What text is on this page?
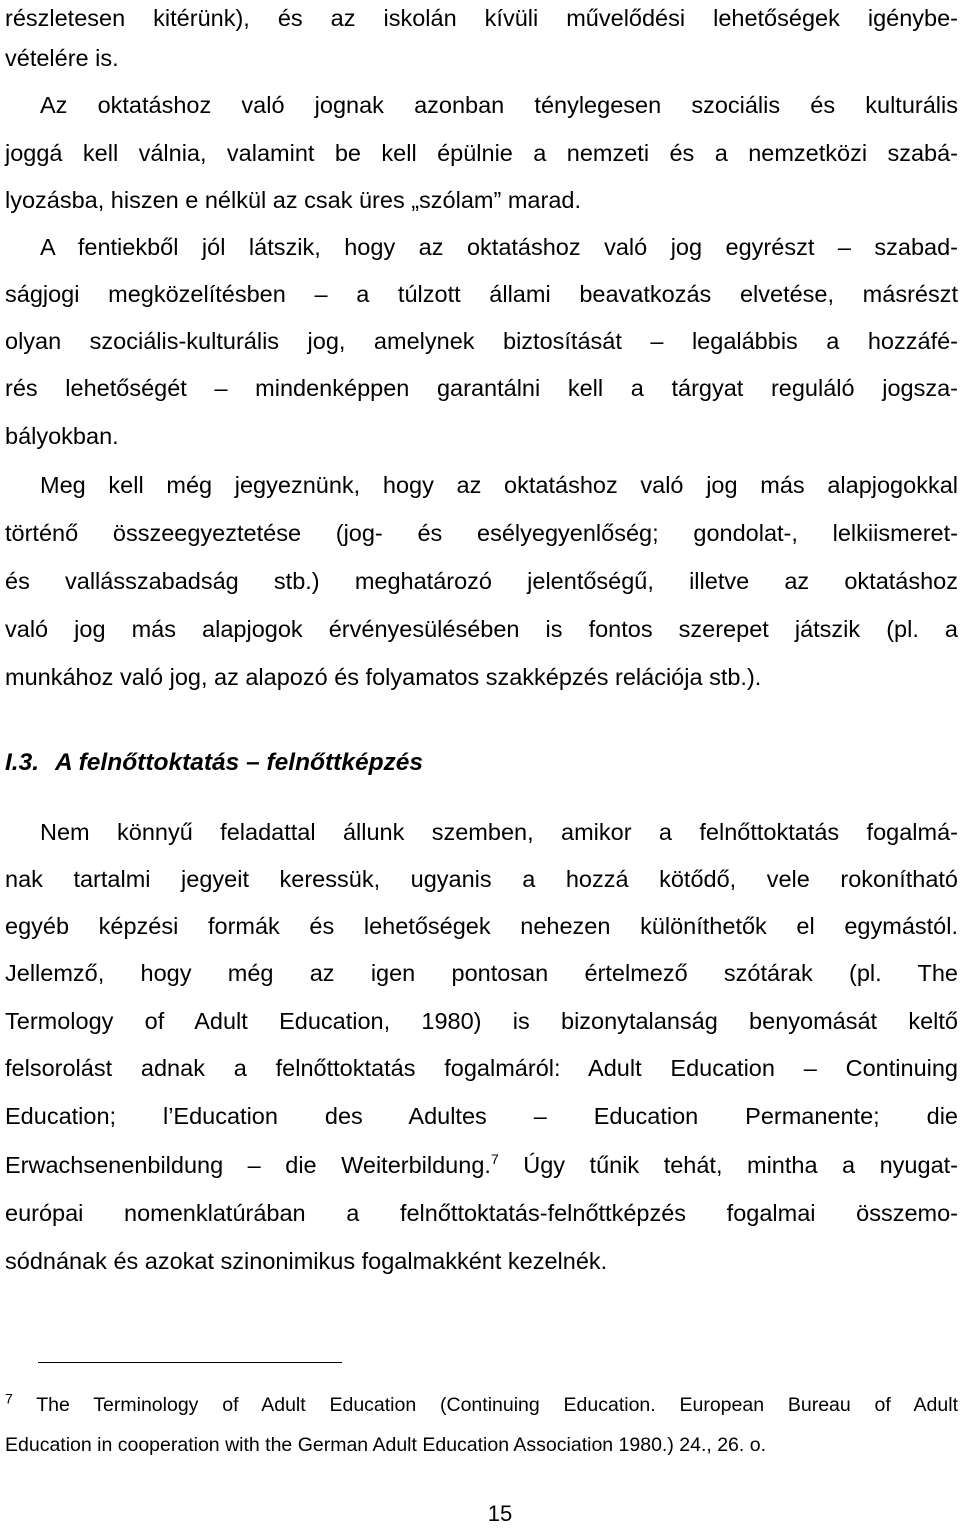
részletesen kitérünk), és az iskolán kívüli művelődési lehetőségek igénybe-
vételére is.
Az oktatáshoz való jognak azonban ténylegesen szociális és kulturális
joggá kell válnia, valamint be kell épülnie a nemzeti és a nemzetközi szabá-
lyozásba, hiszen e nélkül az csak üres „szólam” marad.
A fentiekből jól látszik, hogy az oktatáshoz való jog egyrészt – szabad-
ságjogi megközelítésben – a túlzott állami beavatkozás elvetése, másrészt
olyan szociális-kulturális jog, amelynek biztosítását – legalábbis a hozzáfé-
rés lehetőségét – mindenképpen garantálni kell a tárgyat reguláló jogsza-
bályokban.
Meg kell még jegyeznünk, hogy az oktatáshoz való jog más alapjogokkal
történő összeegyeztetése (jog- és esélyegyenlőség; gondolat-, lelkiismeret-
és vallásszabadság stb.) meghatározó jelentőségű, illetve az oktatáshoz
való jog más alapjogok érvényesülésében is fontos szerepet játszik (pl. a
munkához való jog, az alapozó és folyamatos szakképzés relációja stb.).
I.3. A felnőttoktatás – felnőttképzés
Nem könnyű feladattal állunk szemben, amikor a felnőttoktatás fogalmá-
nak tartalmi jegyeit keressük, ugyanis a hozzá kötődő, vele rokonítható
egyéb képzési formák és lehetőségek nehezen különíthetők el egymástól.
Jellemző, hogy még az igen pontosan értelmező szótárak (pl. The
Termology of Adult Education, 1980) is bizonytalanság benyomását keltő
felsorolást adnak a felnőttoktatás fogalmáról: Adult Education – Continuing
Education; l’Education des Adultes – Education Permanente; die
Erwachsenenbildung – die Weiterbildung.$^7$ Úgy tűnik tehát, mintha a nyugat-
európai nomenklatúrában a felnőttoktatás-felnőttképzés fogalmai összemo-
sódnának és azokat szinonimikus fogalmakként kezelnék.
$^7$ The Terminology of Adult Education (Continuing Education. European Bureau of Adult
Education in cooperation with the German Adult Education Association 1980.) 24., 26. o.
15
